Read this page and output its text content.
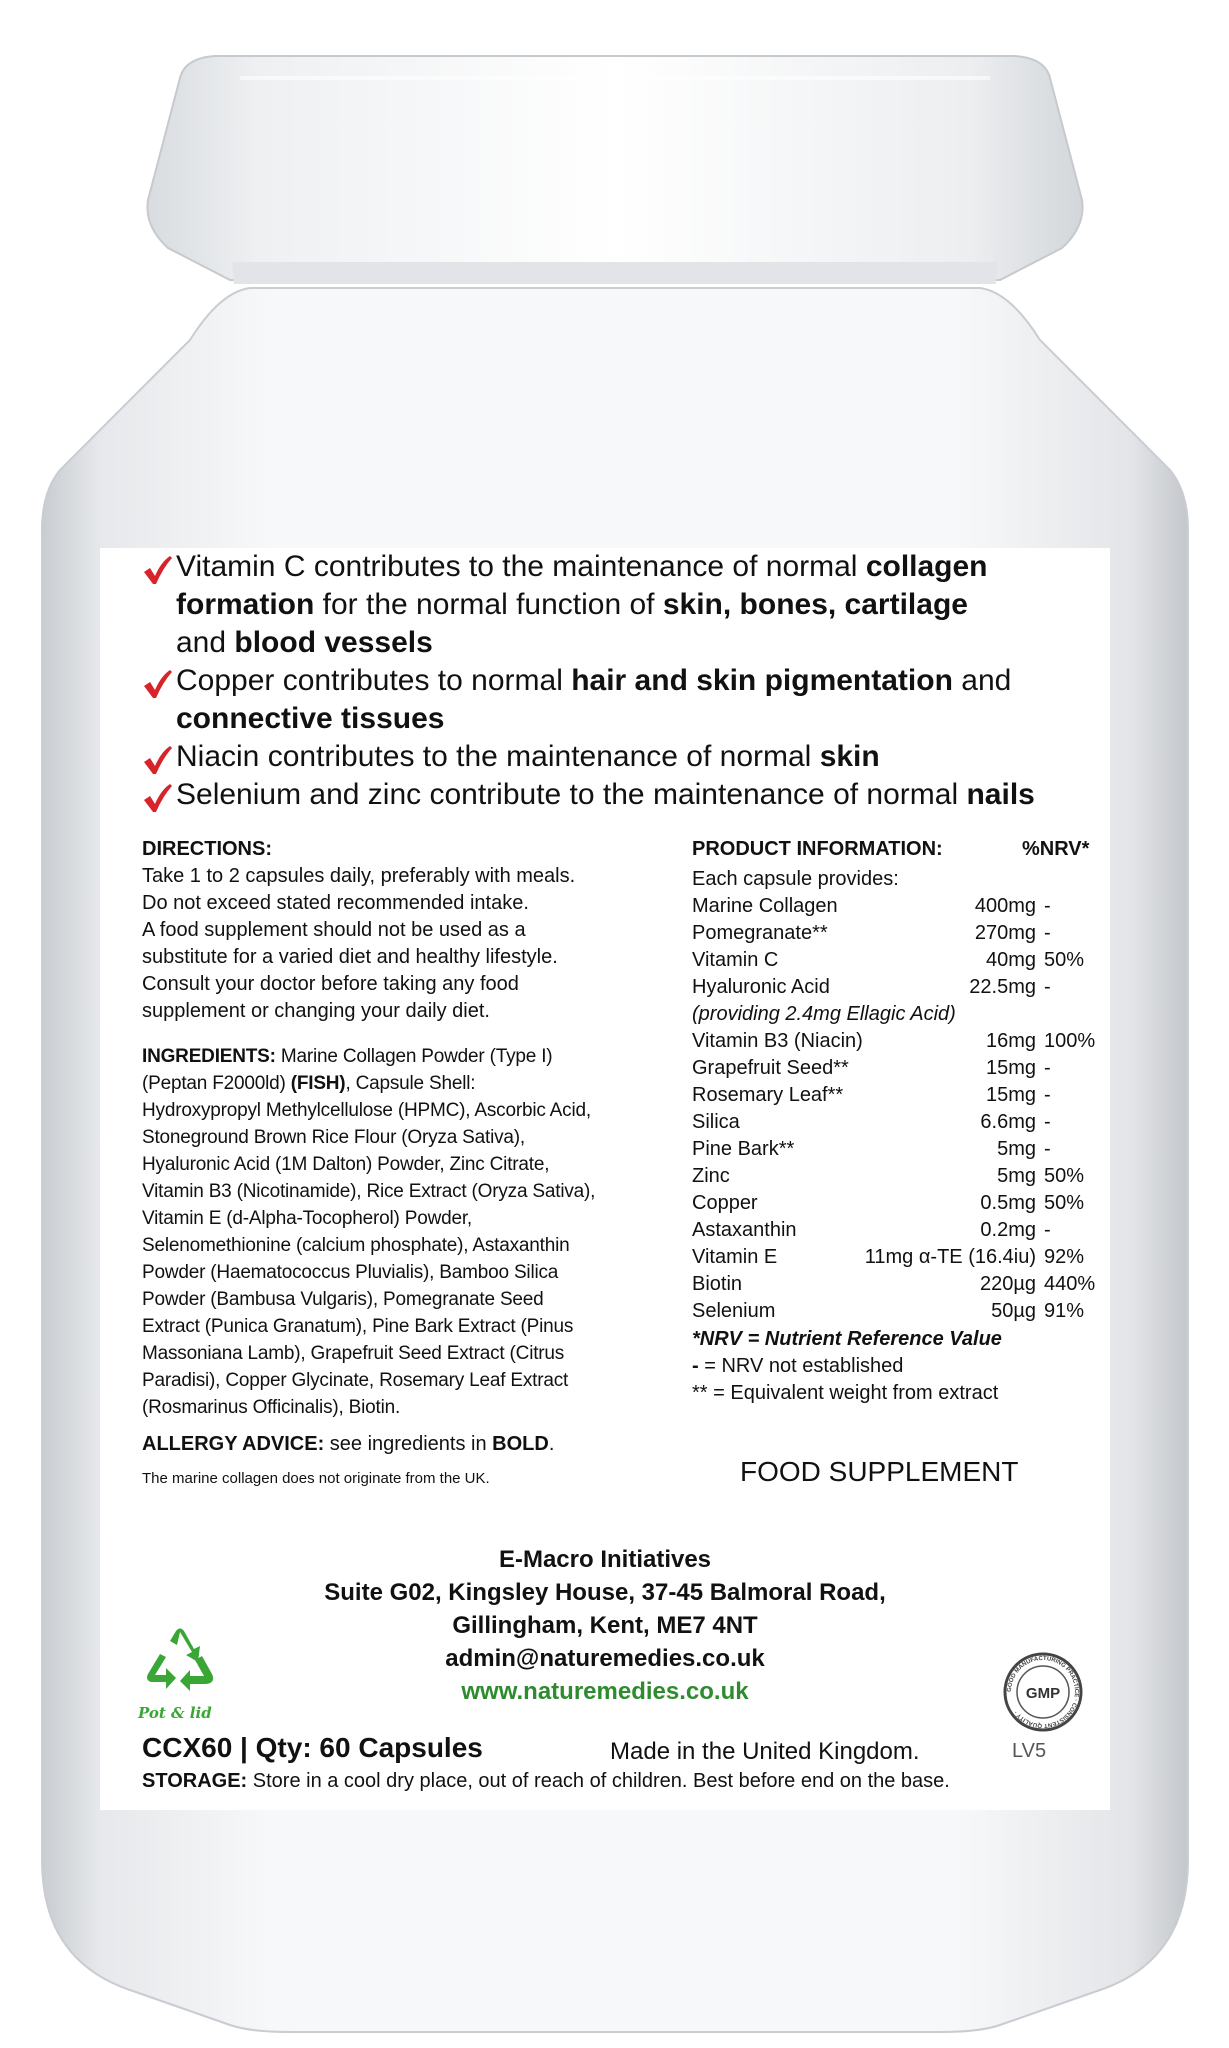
Vitamin C contributes to the maintenance of normal collagen
formation for the normal function of skin, bones, cartilage
and blood vessels
Copper contributes to normal hair and skin pigmentation and
connective tissues
Niacin contributes to the maintenance of normal skin
Selenium and zinc contribute to the maintenance of normal nails
DIRECTIONS:
Take 1 to 2 capsules daily, preferably with meals.
Do not exceed stated recommended intake.
A food supplement should not be used as a
substitute for a varied diet and healthy lifestyle.
Consult your doctor before taking any food
supplement or changing your daily diet.
INGREDIENTS: Marine Collagen Powder (Type I)
(Peptan F2000ld) (FISH), Capsule Shell:
Hydroxypropyl Methylcellulose (HPMC), Ascorbic Acid,
Stoneground Brown Rice Flour (Oryza Sativa),
Hyaluronic Acid (1M Dalton) Powder, Zinc Citrate,
Vitamin B3 (Nicotinamide), Rice Extract (Oryza Sativa),
Vitamin E (d-Alpha-Tocopherol) Powder,
Selenomethionine (calcium phosphate), Astaxanthin
Powder (Haematococcus Pluvialis), Bamboo Silica
Powder (Bambusa Vulgaris), Pomegranate Seed
Extract (Punica Granatum), Pine Bark Extract (Pinus
Massoniana Lamb), Grapefruit Seed Extract (Citrus
Paradisi), Copper Glycinate, Rosemary Leaf Extract
(Rosmarinus Officinalis), Biotin.
ALLERGY ADVICE: see ingredients in BOLD.
The marine collagen does not originate from the UK.
PRODUCT INFORMATION:	%NRV*
Each capsule provides:
Marine Collagen	400mg -
Pomegranate**	270mg -
Vitamin C	40mg 50%
Hyaluronic Acid	22.5mg -
(providing 2.4mg Ellagic Acid)
Vitamin B3 (Niacin)	16mg 100%
Grapefruit Seed**	15mg -
Rosemary Leaf**	15mg -
Silica	6.6mg -
Pine Bark**	5mg -
Zinc	5mg 50%
Copper	0.5mg 50%
Astaxanthin	0.2mg -
Vitamin E	11mg α-TE (16.4iu) 92%
Biotin	220µg 440%
Selenium	50µg 91%
*NRV = Nutrient Reference Value
- = NRV not established
** = Equivalent weight from extract
FOOD SUPPLEMENT
E-Macro Initiatives
Suite G02, Kingsley House, 37-45 Balmoral Road,
Gillingham, Kent, ME7 4NT
admin@naturemedies.co.uk
www.naturemedies.co.uk
Pot & lid
GMP
GOOD MANUFACTURING PRACTICE · CONSISTENT QUALITY ·
CCX60 | Qty: 60 Capsules	Made in the United Kingdom.	LV5
STORAGE: Store in a cool dry place, out of reach of children. Best before end on the base.
